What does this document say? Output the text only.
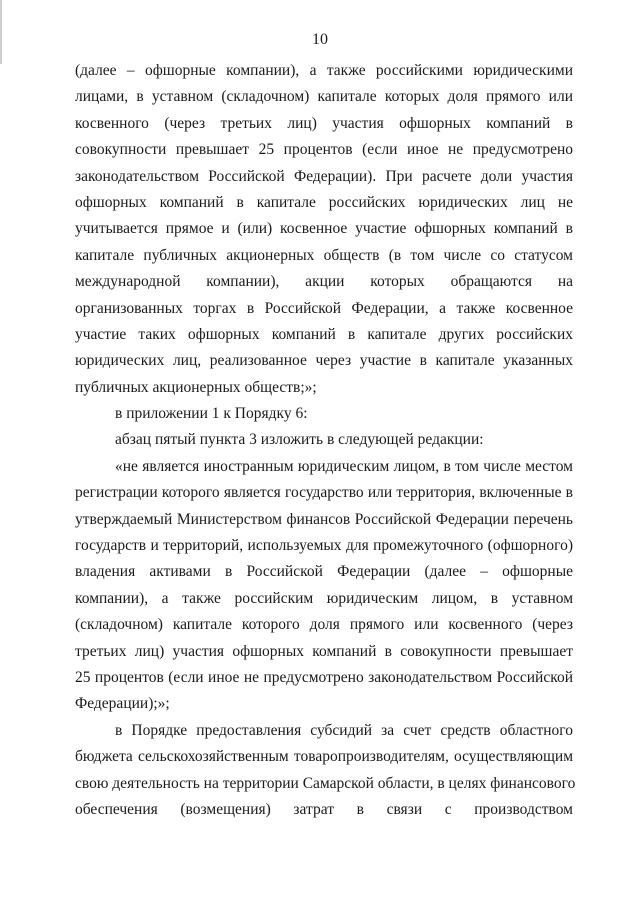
10
(далее – офшорные компании), а также российскими юридическими
лицами, в уставном (складочном) капитале которых доля прямого или
косвенного (через третьих лиц) участия офшорных компаний в
совокупности превышает 25 процентов (если иное не предусмотрено
законодательством Российской Федерации). При расчете доли участия
офшорных компаний в капитале российских юридических лиц не
учитывается прямое и (или) косвенное участие офшорных компаний в
капитале публичных акционерных обществ (в том числе со статусом
международной компании), акции которых обращаются на
организованных торгах в Российской Федерации, а также косвенное
участие таких офшорных компаний в капитале других российских
юридических лиц, реализованное через участие в капитале указанных
публичных акционерных обществ;»;
в приложении 1 к Порядку 6:
абзац пятый пункта 3 изложить в следующей редакции:
«не является иностранным юридическим лицом, в том числе местом
регистрации которого является государство или территория, включенные в
утверждаемый Министерством финансов Российской Федерации перечень
государств и территорий, используемых для промежуточного (офшорного)
владения активами в Российской Федерации (далее – офшорные
компании), а также российским юридическим лицом, в уставном
(складочном) капитале которого доля прямого или косвенного (через
третьих лиц) участия офшорных компаний в совокупности превышает
25 процентов (если иное не предусмотрено законодательством Российской
Федерации);»;
в Порядке предоставления субсидий за счет средств областного
бюджета сельскохозяйственным товаропроизводителям, осуществляющим
свою деятельность на территории Самарской области, в целях финансового
обеспечения (возмещения) затрат в связи с производством
